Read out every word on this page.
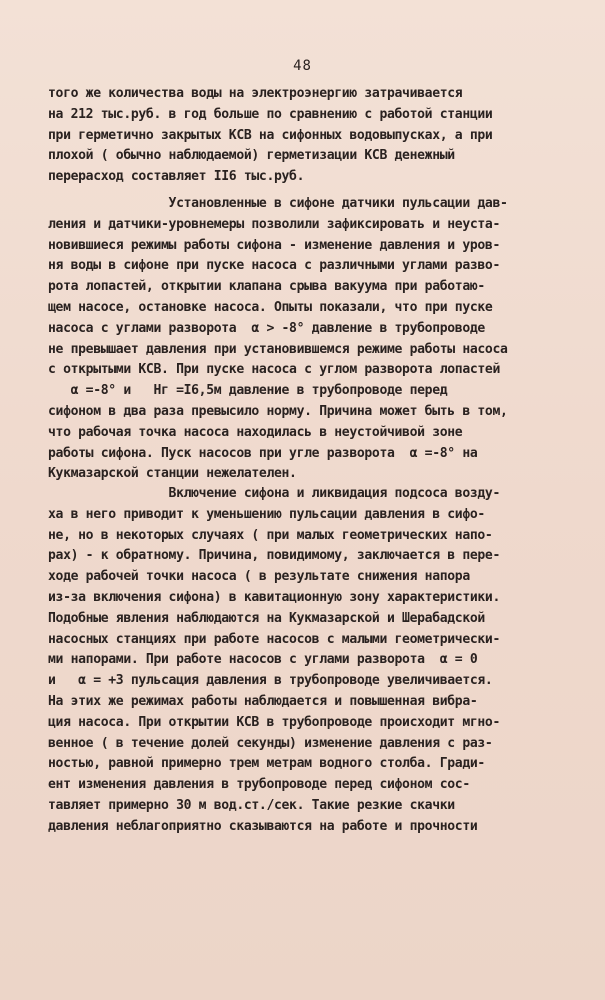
48
того же количества воды на электроэнергию затрачивается
на 212 тыс.руб. в год больше по сравнению с работой станции
при герметично закрытых КСВ на сифонных водовыпусках, а при
плохой ( обычно наблюдаемой) герметизации КСВ денежный
перерасход составляет II6 тыс.руб.
Установленные в сифоне датчики пульсации дав-
ления и датчики-уровнемеры позволили зафиксировать и неуста-
новившиеся режимы работы сифона - изменение давления и уров-
ня воды в сифоне при пуске насоса с различными углами разво-
рота лопастей, открытии клапана срыва вакуума при работаю-
щем насосе, остановке насоса. Опыты показали, что при пуске
насоса с углами разворота  α > -8° давление в трубопроводе
не превышает давления при установившемся режиме работы насоса
с открытыми КСВ. При пуске насоса с углом разворота лопастей
α =-8° и   Hг =I6,5м давление в трубопроводе перед
сифоном в два раза превысило норму. Причина может быть в том,
что рабочая точка насоса находилась в неустойчивой зоне
работы сифона. Пуск насосов при угле разворота  α =-8° на
Кукмазарской станции нежелателен.
Включение сифона и ликвидация подсоса возду-
ха в него приводит к уменьшению пульсации давления в сифо-
не, но в некоторых случаях ( при малых геометрических напо-
рах) - к обратному. Причина, повидимому, заключается в пере-
ходе рабочей точки насоса ( в результате снижения напора
из-за включения сифона) в кавитационную зону характеристики.
Подобные явления наблюдаются на Кукмазарской и Шерабадской
насосных станциях при работе насосов с малыми геометрически-
ми напорами. При работе насосов с углами разворота  α = 0
и   α = +3 пульсация давления в трубопроводе увеличивается.
На этих же режимах работы наблюдается и повышенная вибра-
ция насоса. При открытии КСВ в трубопроводе происходит мгно-
венное ( в течение долей секунды) изменение давления с раз-
ностью, равной примерно трем метрам водного столба. Гради-
ент изменения давления в трубопроводе перед сифоном сос-
тавляет примерно 30 м вод.ст./сек. Такие резкие скачки
давления неблагоприятно сказываются на работе и прочности
